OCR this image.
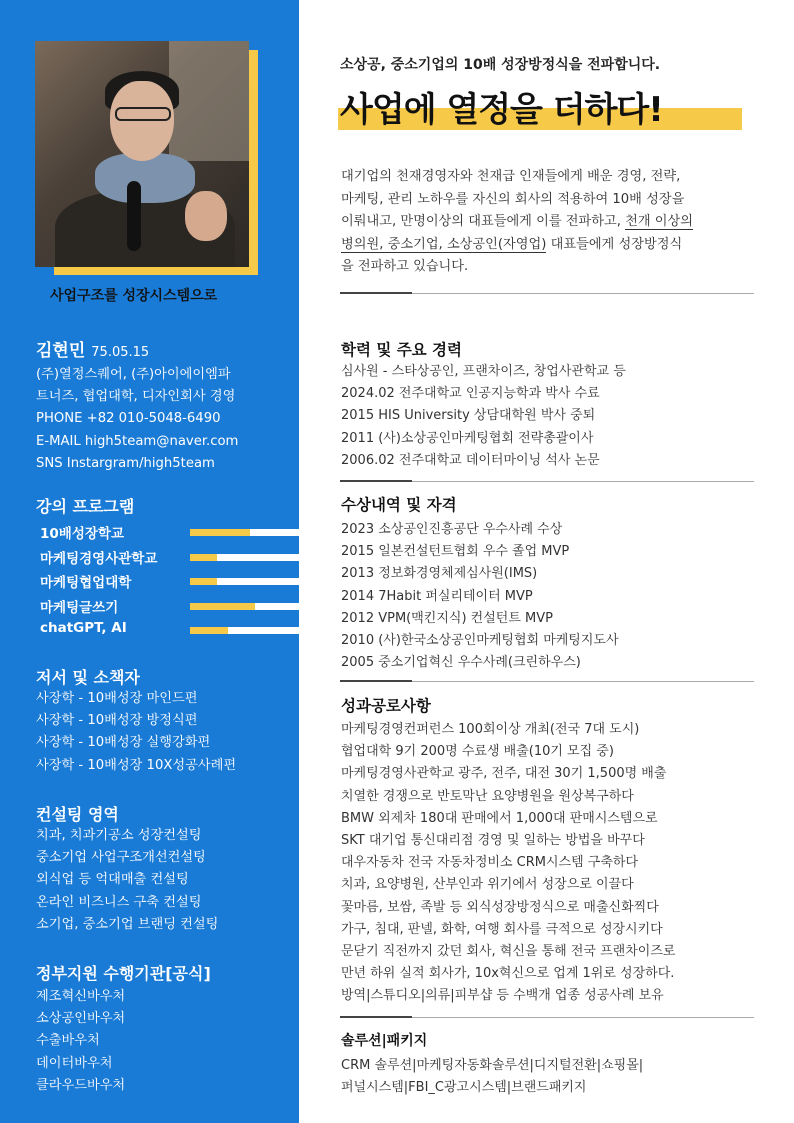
사업구조를 성장시스템으로
김현민 75.05.15
(주)열정스퀘어, (주)아이에이엠파
트너즈, 협업대학, 디자인회사 경영
PHONE +82 010-5048-6490
E-MAIL high5team@naver.com
SNS Instargram/high5team
강의 프로그램
10배성장학교
마케팅경영사관학교
마케팅협업대학
마케팅글쓰기
chatGPT, AI
저서 및 소책자
사장학 - 10배성장 마인드편
사장학 - 10배성장 방정식편
사장학 - 10배성장 실행강화편
사장학 - 10배성장 10X성공사례편
컨설팅 영역
치과, 치과기공소 성장컨설팅
중소기업 사업구조개선컨설팅
외식업 등 억대매출 컨설팅
온라인 비즈니스 구축 컨설팅
소기업, 중소기업 브랜딩 컨설팅
정부지원 수행기관[공식]
제조혁신바우처
소상공인바우처
수출바우처
데이터바우처
클라우드바우처
소상공, 중소기업의 10배 성장방정식을 전파합니다.
사업에 열정을 더하다!
대기업의 천재경영자와 천재급 인재들에게 배운 경영, 전략,
마케팅, 관리 노하우를 자신의 회사의 적용하여 10배 성장을
이뤄내고, 만명이상의 대표들에게 이를 전파하고, 천개 이상의
병의원, 중소기업, 소상공인(자영업) 대표들에게 성장방정식
을 전파하고 있습니다.
학력 및 주요 경력
심사원 - 스타상공인, 프랜차이즈, 창업사관학교 등
2024.02 전주대학교 인공지능학과 박사 수료
2015 HIS University 상담대학원 박사 중퇴
2011 (사)소상공인마케팅협회 전략총괄이사
2006.02 전주대학교 데이터마이닝 석사 논문
수상내역 및 자격
2023 소상공인진흥공단 우수사례 수상
2015 일본컨설턴트협회 우수 졸업 MVP
2013 정보화경영체제심사원(IMS)
2014 7Habit 퍼실리테이터 MVP
2012 VPM(맥킨지식) 컨설턴트 MVP
2010 (사)한국소상공인마케팅협회 마케팅지도사
2005 중소기업혁신 우수사례(크린하우스)
성과공로사항
마케팅경영컨퍼런스 100회이상 개최(전국 7대 도시)
협업대학 9기 200명 수료생 배출(10기 모집 중)
마케팅경영사관학교 광주, 전주, 대전 30기 1,500명 배출
치열한 경쟁으로 반토막난 요양병원을 원상복구하다
BMW 외제차 180대 판매에서 1,000대 판매시스템으로
SKT 대기업 통신대리점 경영 및 일하는 방법을 바꾸다
대우자동차 전국 자동차정비소 CRM시스템 구축하다
치과, 요양병원, 산부인과 위기에서 성장으로 이끌다
꽃마름, 보쌈, 족발 등 외식성장방정식으로 매출신화찍다
가구, 침대, 판넬, 화학, 여행 회사를 극적으로 성장시키다
문닫기 직전까지 갔던 회사, 혁신을 통해 전국 프랜차이즈로
만년 하위 실적 회사가, 10x혁신으로 업계 1위로 성장하다.
방역|스튜디오|의류|피부샵 등 수백개 업종 성공사례 보유
솔루션|패키지
CRM 솔루션|마케팅자동화솔루션|디지털전환|쇼핑몰|
퍼널시스템|FBI_C광고시스템|브랜드패키지
